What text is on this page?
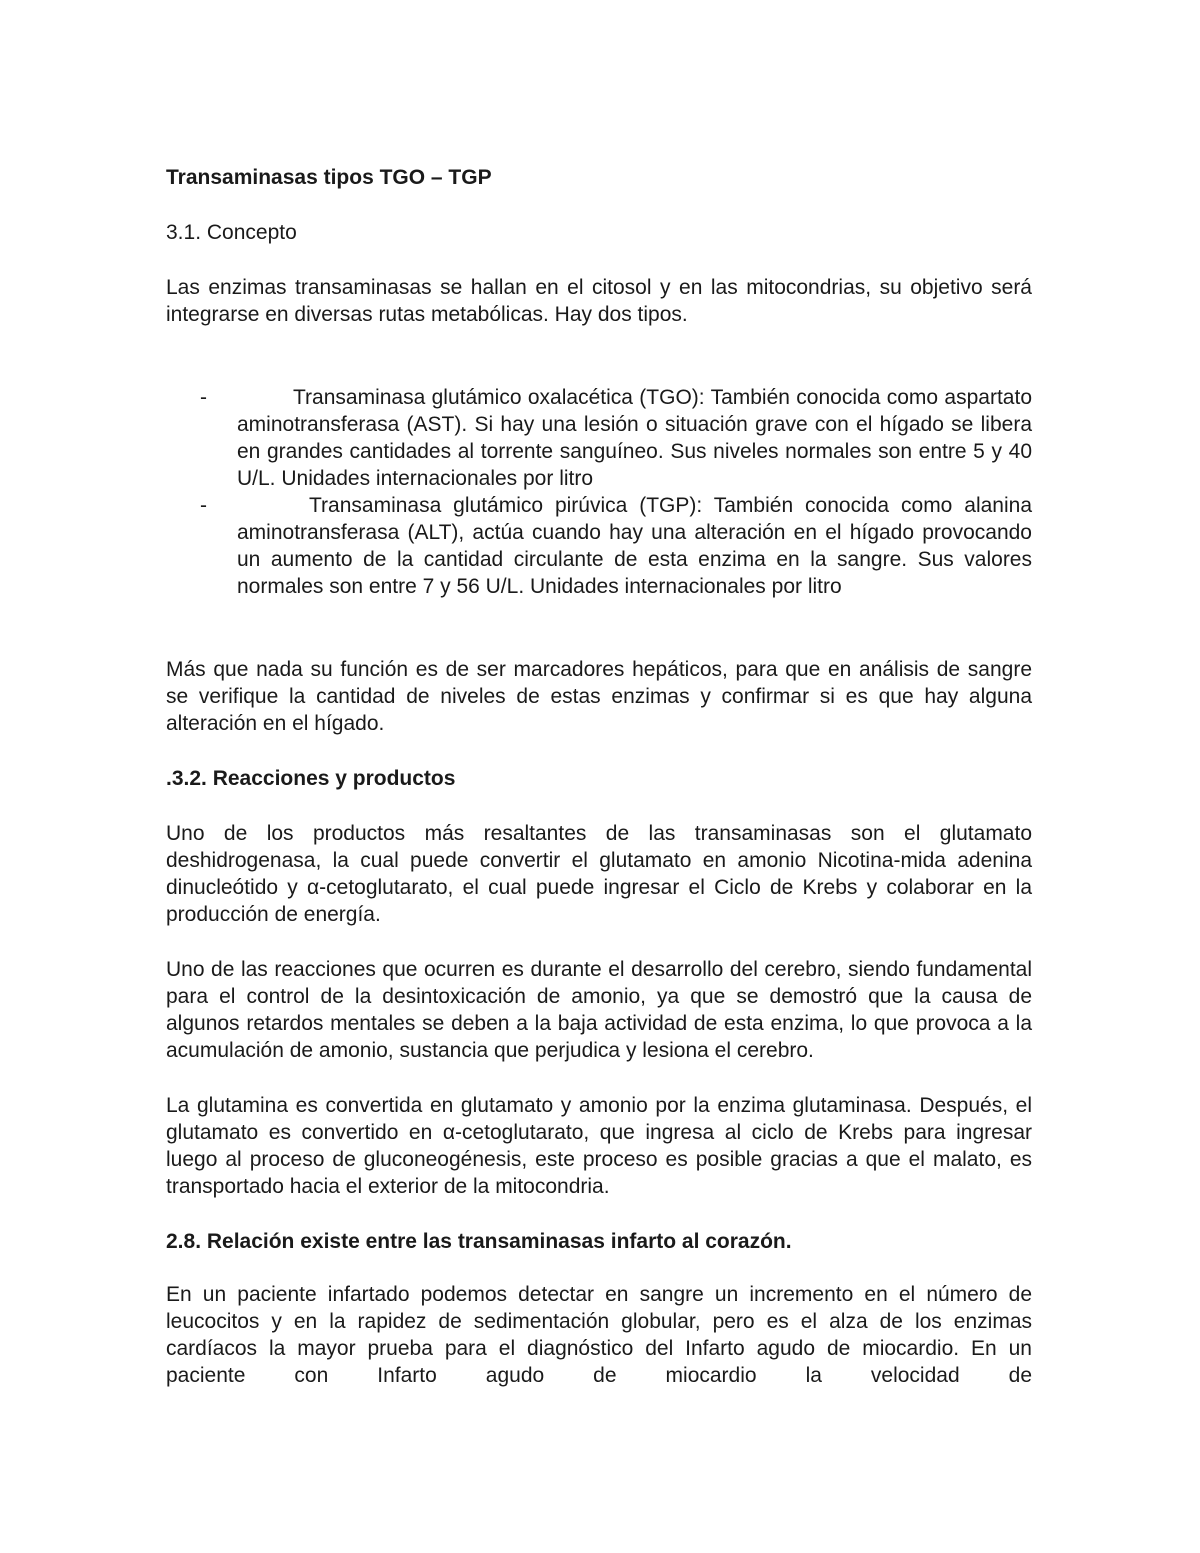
Transaminasas tipos TGO – TGP
3.1. Concepto

Las enzimas transaminasas se hallan en el citosol y en las mitocondrias, su objetivo será integrarse en diversas rutas metabólicas. Hay dos tipos.

-	Transaminasa glutámico oxalacética (TGO): También conocida como aspartato aminotransferasa (AST). Si hay una lesión o situación grave con el hígado se libera en grandes cantidades al torrente sanguíneo. Sus niveles normales son entre 5 y 40 U/L. Unidades internacionales por litro
-	Transaminasa glutámico pirúvica (TGP): También conocida como alanina aminotransferasa (ALT), actúa cuando hay una alteración en el hígado provocando un aumento de la cantidad circulante de esta enzima en la sangre. Sus valores normales son entre 7 y 56 U/L. Unidades internacionales por litro

Más que nada su función es de ser marcadores hepáticos, para que en análisis de sangre se verifique la cantidad de niveles de estas enzimas y confirmar si es que hay alguna alteración en el hígado.

.3.2. Reacciones y productos

Uno de los productos más resaltantes de las transaminasas son el glutamato deshidrogenasa, la cual puede convertir el glutamato en amonio Nicotina-mida adenina dinucleótido y α-cetoglutarato, el cual puede ingresar el Ciclo de Krebs y colaborar en la producción de energía.

Uno de las reacciones que ocurren es durante el desarrollo del cerebro, siendo fundamental para el control de la desintoxicación de amonio, ya que se demostró que la causa de algunos retardos mentales se deben a la baja actividad de esta enzima, lo que provoca a la acumulación de amonio, sustancia que perjudica y lesiona el cerebro.

La glutamina es convertida en glutamato y amonio por la enzima glutaminasa. Después, el glutamato es convertido en α-cetoglutarato, que ingresa al ciclo de Krebs para ingresar luego al proceso de gluconeogénesis, este proceso es posible gracias a que el malato, es transportado hacia el exterior de la mitocondria.

2.8. Relación existe entre las transaminasas infarto al corazón.

En un paciente infartado podemos detectar en sangre un incremento en el número de leucocitos y en la rapidez de sedimentación globular, pero es el alza de los enzimas cardíacos la mayor prueba para el diagnóstico del Infarto agudo de miocardio. En un paciente con Infarto agudo de miocardio la velocidad de
